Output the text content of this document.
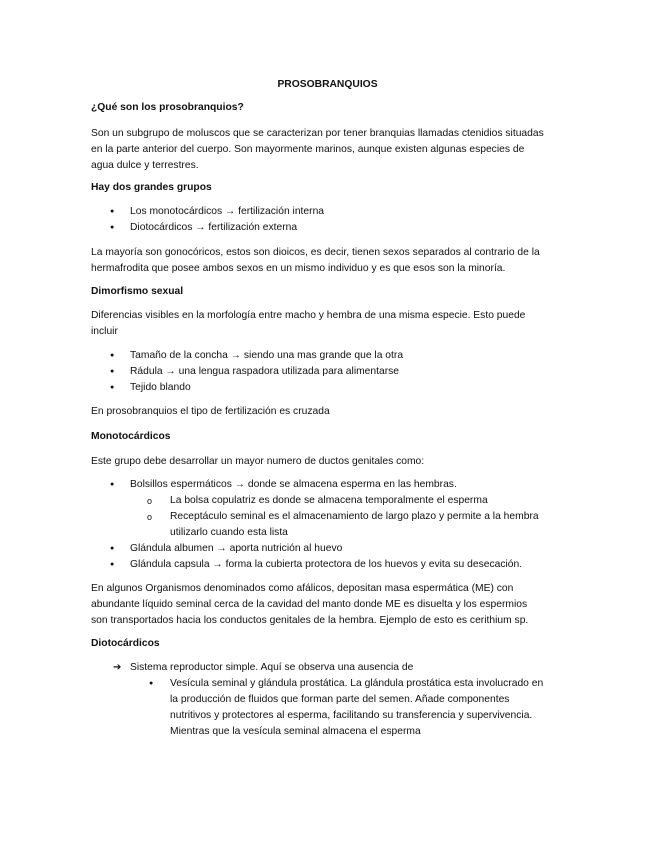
PROSOBRANQUIOS
¿Qué son los prosobranquios?
Son un subgrupo de moluscos que se caracterizan por tener branquias llamadas ctenidios situadas
en la parte anterior del cuerpo. Son mayormente marinos, aunque existen algunas especies de
agua dulce y terrestres.
Hay dos grandes grupos
● Los monotocárdicos → fertilización interna
● Diotocárdicos → fertilización externa
La mayoría son gonocóricos, estos son dioicos, es decir, tienen sexos separados al contrario de la
hermafrodita que posee ambos sexos en un mismo individuo y es que esos son la minoría.
Dimorfismo sexual
Diferencias visibles en la morfología entre macho y hembra de una misma especie. Esto puede
incluir
● Tamaño de la concha → siendo una mas grande que la otra
● Rádula → una lengua raspadora utilizada para alimentarse
● Tejido blando
En prosobranquios el tipo de fertilización es cruzada
Monotocárdicos
Este grupo debe desarrollar un mayor numero de ductos genitales como:
● Bolsillos espermáticos → donde se almacena esperma en las hembras.
o La bolsa copulatriz es donde se almacena temporalmente el esperma
o Receptáculo seminal es el almacenamiento de largo plazo y permite a la hembra
utilizarlo cuando esta lista
● Glándula albumen → aporta nutrición al huevo
● Glándula capsula → forma la cubierta protectora de los huevos y evita su desecación.
En algunos Organismos denominados como afálicos, depositan masa espermática (ME) con
abundante líquido seminal cerca de la cavidad del manto donde ME es disuelta y los espermios
son transportados hacia los conductos genitales de la hembra. Ejemplo de esto es cerithium sp.
Diotocárdicos
➔ Sistema reproductor simple. Aquí se observa una ausencia de
● Vesícula seminal y glándula prostática. La glándula prostática esta involucrado en
la producción de fluidos que forman parte del semen. Añade componentes
nutritivos y protectores al esperma, facilitando su transferencia y supervivencia.
Mientras que la vesícula seminal almacena el esperma
